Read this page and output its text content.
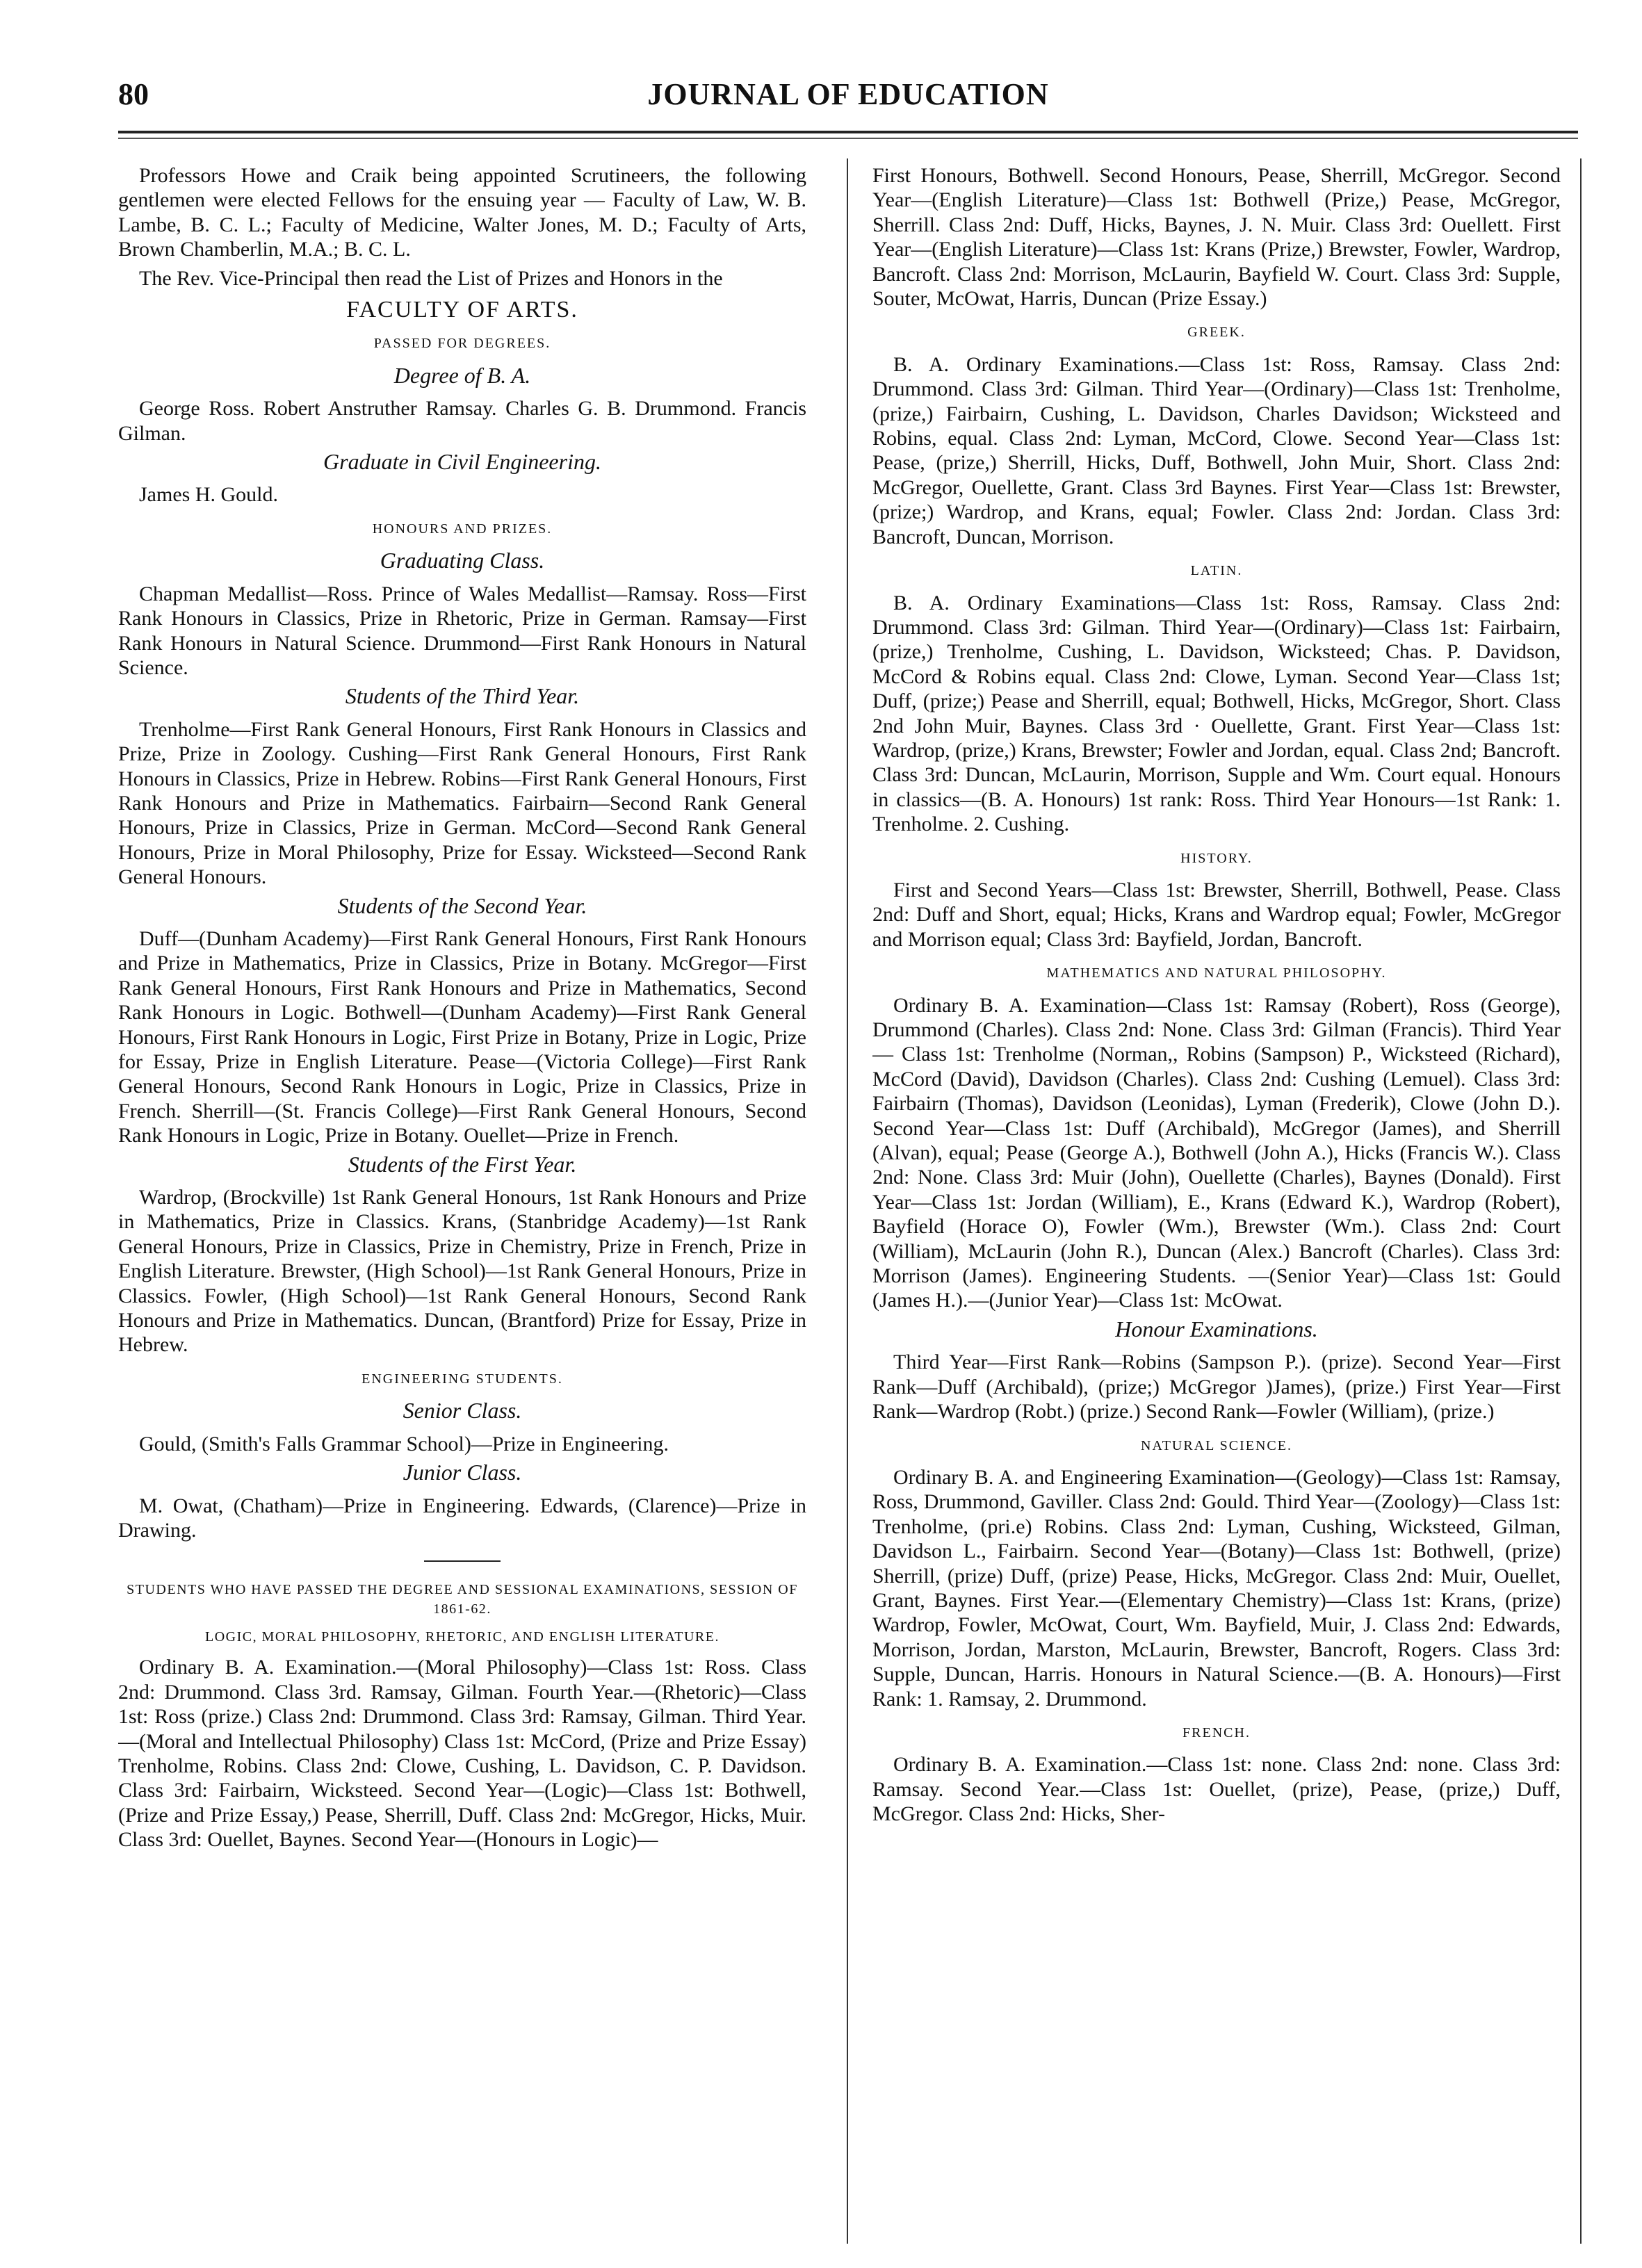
80	JOURNAL OF EDUCATION

Professors Howe and Craik being appointed Scrutineers, the following gentlemen were elected Fellows for the ensuing year — Faculty of Law, W. B. Lambe, B. C. L.; Faculty of Medicine, Walter Jones, M. D.; Faculty of Arts, Brown Chamberlin, M.A.; B. C. L.

The Rev. Vice-Principal then read the List of Prizes and Honors in the

FACULTY OF ARTS.
PASSED FOR DEGREES.
Degree of B. A.

George Ross. Robert Anstruther Ramsay. Charles G. B. Drummond. Francis Gilman.

Graduate in Civil Engineering.

James H. Gould.

HONOURS AND PRIZES.
Graduating Class.

Chapman Medallist—Ross. Prince of Wales Medallist—Ramsay. Ross—First Rank Honours in Classics, Prize in Rhetoric, Prize in German. Ramsay—First Rank Honours in Natural Science. Drummond—First Rank Honours in Natural Science.

Students of the Third Year.

Trenholme—First Rank General Honours, First Rank Honours in Classics and Prize, Prize in Zoology. Cushing—First Rank General Honours, First Rank Honours in Classics, Prize in Hebrew. Robins—First Rank General Honours, First Rank Honours and Prize in Mathematics. Fairbairn—Second Rank General Honours, Prize in Classics, Prize in German. McCord—Second Rank General Honours, Prize in Moral Philosophy, Prize for Essay. Wicksteed—Second Rank General Honours.

Students of the Second Year.

Duff—(Dunham Academy)—First Rank General Honours, First Rank Honours and Prize in Mathematics, Prize in Classics, Prize in Botany. McGregor—First Rank General Honours, First Rank Honours and Prize in Mathematics, Second Rank Honours in Logic. Bothwell—(Dunham Academy)—First Rank General Honours, First Rank Honours in Logic, First Prize in Botany, Prize in Logic, Prize for Essay, Prize in English Literature. Pease—(Victoria College)—First Rank General Honours, Second Rank Honours in Logic, Prize in Classics, Prize in French. Sherrill—(St. Francis College)—First Rank General Honours, Second Rank Honours in Logic, Prize in Botany. Ouellet—Prize in French.

Students of the First Year.

Wardrop, (Brockville) 1st Rank General Honours, 1st Rank Honours and Prize in Mathematics, Prize in Classics. Krans, (Stanbridge Academy)—1st Rank General Honours, Prize in Classics, Prize in Chemistry, Prize in French, Prize in English Literature. Brewster, (High School)—1st Rank General Honours, Prize in Classics. Fowler, (High School)—1st Rank General Honours, Second Rank Honours and Prize in Mathematics. Duncan, (Brantford) Prize for Essay, Prize in Hebrew.

ENGINEERING STUDENTS.
Senior Class.

Gould, (Smith's Falls Grammar School)—Prize in Engineering.

Junior Class.

M. Owat, (Chatham)—Prize in Engineering. Edwards, (Clarence)—Prize in Drawing.

STUDENTS WHO HAVE PASSED THE DEGREE AND SESSIONAL EXAMINATIONS, SESSION OF 1861-62.
LOGIC, MORAL PHILOSOPHY, RHETORIC, AND ENGLISH LITERATURE.

Ordinary B. A. Examination.—(Moral Philosophy)—Class 1st: Ross. Class 2nd: Drummond. Class 3rd. Ramsay, Gilman. Fourth Year.—(Rhetoric)—Class 1st: Ross (prize.) Class 2nd: Drummond. Class 3rd: Ramsay, Gilman. Third Year.—(Moral and Intellectual Philosophy) Class 1st: McCord, (Prize and Prize Essay) Trenholme, Robins. Class 2nd: Clowe, Cushing, L. Davidson, C. P. Davidson. Class 3rd: Fairbairn, Wicksteed. Second Year—(Logic)—Class 1st: Bothwell, (Prize and Prize Essay,) Pease, Sherrill, Duff. Class 2nd: McGregor, Hicks, Muir. Class 3rd: Ouellet, Baynes. Second Year—(Honours in Logic)—

First Honours, Bothwell. Second Honours, Pease, Sherrill, McGregor. Second Year—(English Literature)—Class 1st: Bothwell (Prize,) Pease, McGregor, Sherrill. Class 2nd: Duff, Hicks, Baynes, J. N. Muir. Class 3rd: Ouellett. First Year—(English Literature)—Class 1st: Krans (Prize,) Brewster, Fowler, Wardrop, Bancroft. Class 2nd: Morrison, McLaurin, Bayfield W. Court. Class 3rd: Supple, Souter, McOwat, Harris, Duncan (Prize Essay.)

GREEK.

B. A. Ordinary Examinations.—Class 1st: Ross, Ramsay. Class 2nd: Drummond. Class 3rd: Gilman. Third Year—(Ordinary)—Class 1st: Trenholme, (prize,) Fairbairn, Cushing, L. Davidson, Charles Davidson; Wicksteed and Robins, equal. Class 2nd: Lyman, McCord, Clowe. Second Year—Class 1st: Pease, (prize,) Sherrill, Hicks, Duff, Bothwell, John Muir, Short. Class 2nd: McGregor, Ouellette, Grant. Class 3rd Baynes. First Year—Class 1st: Brewster, (prize;) Wardrop, and Krans, equal; Fowler. Class 2nd: Jordan. Class 3rd: Bancroft, Duncan, Morrison.

LATIN.

B. A. Ordinary Examinations—Class 1st: Ross, Ramsay. Class 2nd: Drummond. Class 3rd: Gilman. Third Year—(Ordinary)—Class 1st: Fairbairn, (prize,) Trenholme, Cushing, L. Davidson, Wicksteed; Chas. P. Davidson, McCord & Robins equal. Class 2nd: Clowe, Lyman. Second Year—Class 1st; Duff, (prize;) Pease and Sherrill, equal; Bothwell, Hicks, McGregor, Short. Class 2nd John Muir, Baynes. Class 3rd · Ouellette, Grant. First Year—Class 1st: Wardrop, (prize,) Krans, Brewster; Fowler and Jordan, equal. Class 2nd; Bancroft. Class 3rd: Duncan, McLaurin, Morrison, Supple and Wm. Court equal. Honours in classics—(B. A. Honours) 1st rank: Ross. Third Year Honours—1st Rank: 1. Trenholme. 2. Cushing.

HISTORY.

First and Second Years—Class 1st: Brewster, Sherrill, Bothwell, Pease. Class 2nd: Duff and Short, equal; Hicks, Krans and Wardrop equal; Fowler, McGregor and Morrison equal; Class 3rd: Bayfield, Jordan, Bancroft.

MATHEMATICS AND NATURAL PHILOSOPHY.

Ordinary B. A. Examination—Class 1st: Ramsay (Robert), Ross (George), Drummond (Charles). Class 2nd: None. Class 3rd: Gilman (Francis). Third Year— Class 1st: Trenholme (Norman,, Robins (Sampson) P., Wicksteed (Richard), McCord (David), Davidson (Charles). Class 2nd: Cushing (Lemuel). Class 3rd: Fairbairn (Thomas), Davidson (Leonidas), Lyman (Frederik), Clowe (John D.). Second Year—Class 1st: Duff (Archibald), McGregor (James), and Sherrill (Alvan), equal; Pease (George A.), Bothwell (John A.), Hicks (Francis W.). Class 2nd: None. Class 3rd: Muir (John), Ouellette (Charles), Baynes (Donald). First Year—Class 1st: Jordan (William), E., Krans (Edward K.), Wardrop (Robert), Bayfield (Horace O), Fowler (Wm.), Brewster (Wm.). Class 2nd: Court (William), McLaurin (John R.), Duncan (Alex.) Bancroft (Charles). Class 3rd: Morrison (James). Engineering Students. —(Senior Year)—Class 1st: Gould (James H.).—(Junior Year)—Class 1st: McOwat.

Honour Examinations.

Third Year—First Rank—Robins (Sampson P.). (prize). Second Year—First Rank—Duff (Archibald), (prize;) McGregor )James), (prize.) First Year—First Rank—Wardrop (Robt.) (prize.) Second Rank—Fowler (William), (prize.)

NATURAL SCIENCE.

Ordinary B. A. and Engineering Examination—(Geology)—Class 1st: Ramsay, Ross, Drummond, Gaviller. Class 2nd: Gould. Third Year—(Zoology)—Class 1st: Trenholme, (pri.e) Robins. Class 2nd: Lyman, Cushing, Wicksteed, Gilman, Davidson L., Fairbairn. Second Year—(Botany)—Class 1st: Bothwell, (prize) Sherrill, (prize) Duff, (prize) Pease, Hicks, McGregor. Class 2nd: Muir, Ouellet, Grant, Baynes. First Year.—(Elementary Chemistry)—Class 1st: Krans, (prize) Wardrop, Fowler, McOwat, Court, Wm. Bayfield, Muir, J. Class 2nd: Edwards, Morrison, Jordan, Marston, McLaurin, Brewster, Bancroft, Rogers. Class 3rd: Supple, Duncan, Harris. Honours in Natural Science.—(B. A. Honours)—First Rank: 1. Ramsay, 2. Drummond.

FRENCH.

Ordinary B. A. Examination.—Class 1st: none. Class 2nd: none. Class 3rd: Ramsay. Second Year.—Class 1st: Ouellet, (prize), Pease, (prize,) Duff, McGregor. Class 2nd: Hicks, Sher-
